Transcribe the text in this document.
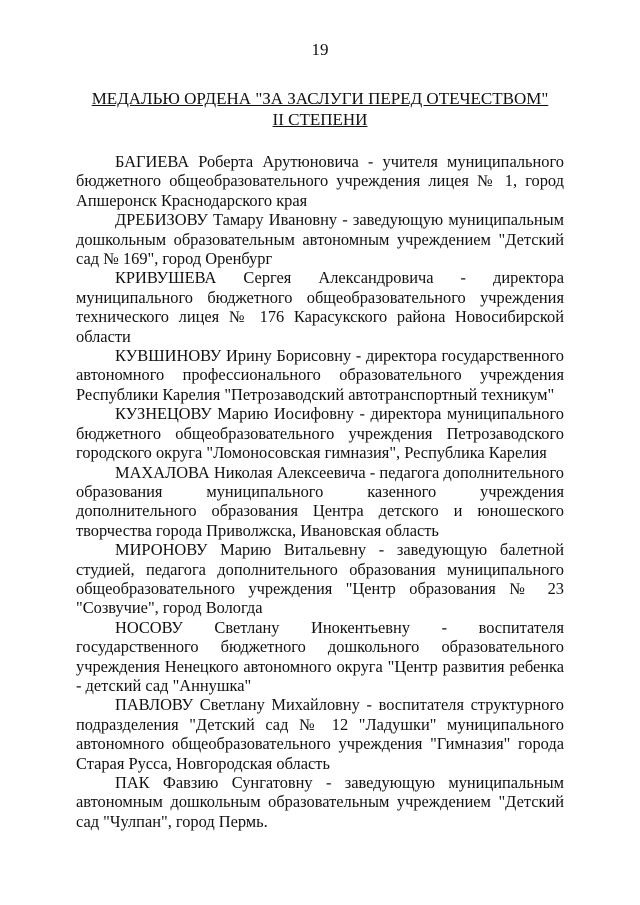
19
МЕДАЛЬЮ ОРДЕНА "ЗА ЗАСЛУГИ ПЕРЕД ОТЕЧЕСТВОМ"
II СТЕПЕНИ

БАГИЕВА Роберта Арутюновича - учителя муниципального бюджетного общеобразовательного учреждения лицея № 1, город Апшеронск Краснодарского края

ДРЕБИЗОВУ Тамару Ивановну - заведующую муниципальным дошкольным образовательным автономным учреждением "Детский сад № 169", город Оренбург

КРИВУШЕВА Сергея Александровича - директора муниципального бюджетного общеобразовательного учреждения технического лицея № 176 Карасукского района Новосибирской области

КУВШИНОВУ Ирину Борисовну - директора государственного автономного профессионального образовательного учреждения Республики Карелия "Петрозаводский автотранспортный техникум"

КУЗНЕЦОВУ Марию Иосифовну - директора муниципального бюджетного общеобразовательного учреждения Петрозаводского городского округа "Ломоносовская гимназия", Республика Карелия

МАХАЛОВА Николая Алексеевича - педагога дополнительного образования муниципального казенного учреждения дополнительного образования Центра детского и юношеского творчества города Приволжска, Ивановская область

МИРОНОВУ Марию Витальевну - заведующую балетной студией, педагога дополнительного образования муниципального общеобразовательного учреждения "Центр образования № 23 "Созвучие", город Вологда

НОСОВУ Светлану Инокентьевну - воспитателя государственного бюджетного дошкольного образовательного учреждения Ненецкого автономного округа "Центр развития ребенка - детский сад "Аннушка"

ПАВЛОВУ Светлану Михайловну - воспитателя структурного подразделения "Детский сад № 12 "Ладушки" муниципального автономного общеобразовательного учреждения "Гимназия" города Старая Русса, Новгородская область

ПАК Фавзию Сунгатовну - заведующую муниципальным автономным дошкольным образовательным учреждением "Детский сад "Чулпан", город Пермь.
